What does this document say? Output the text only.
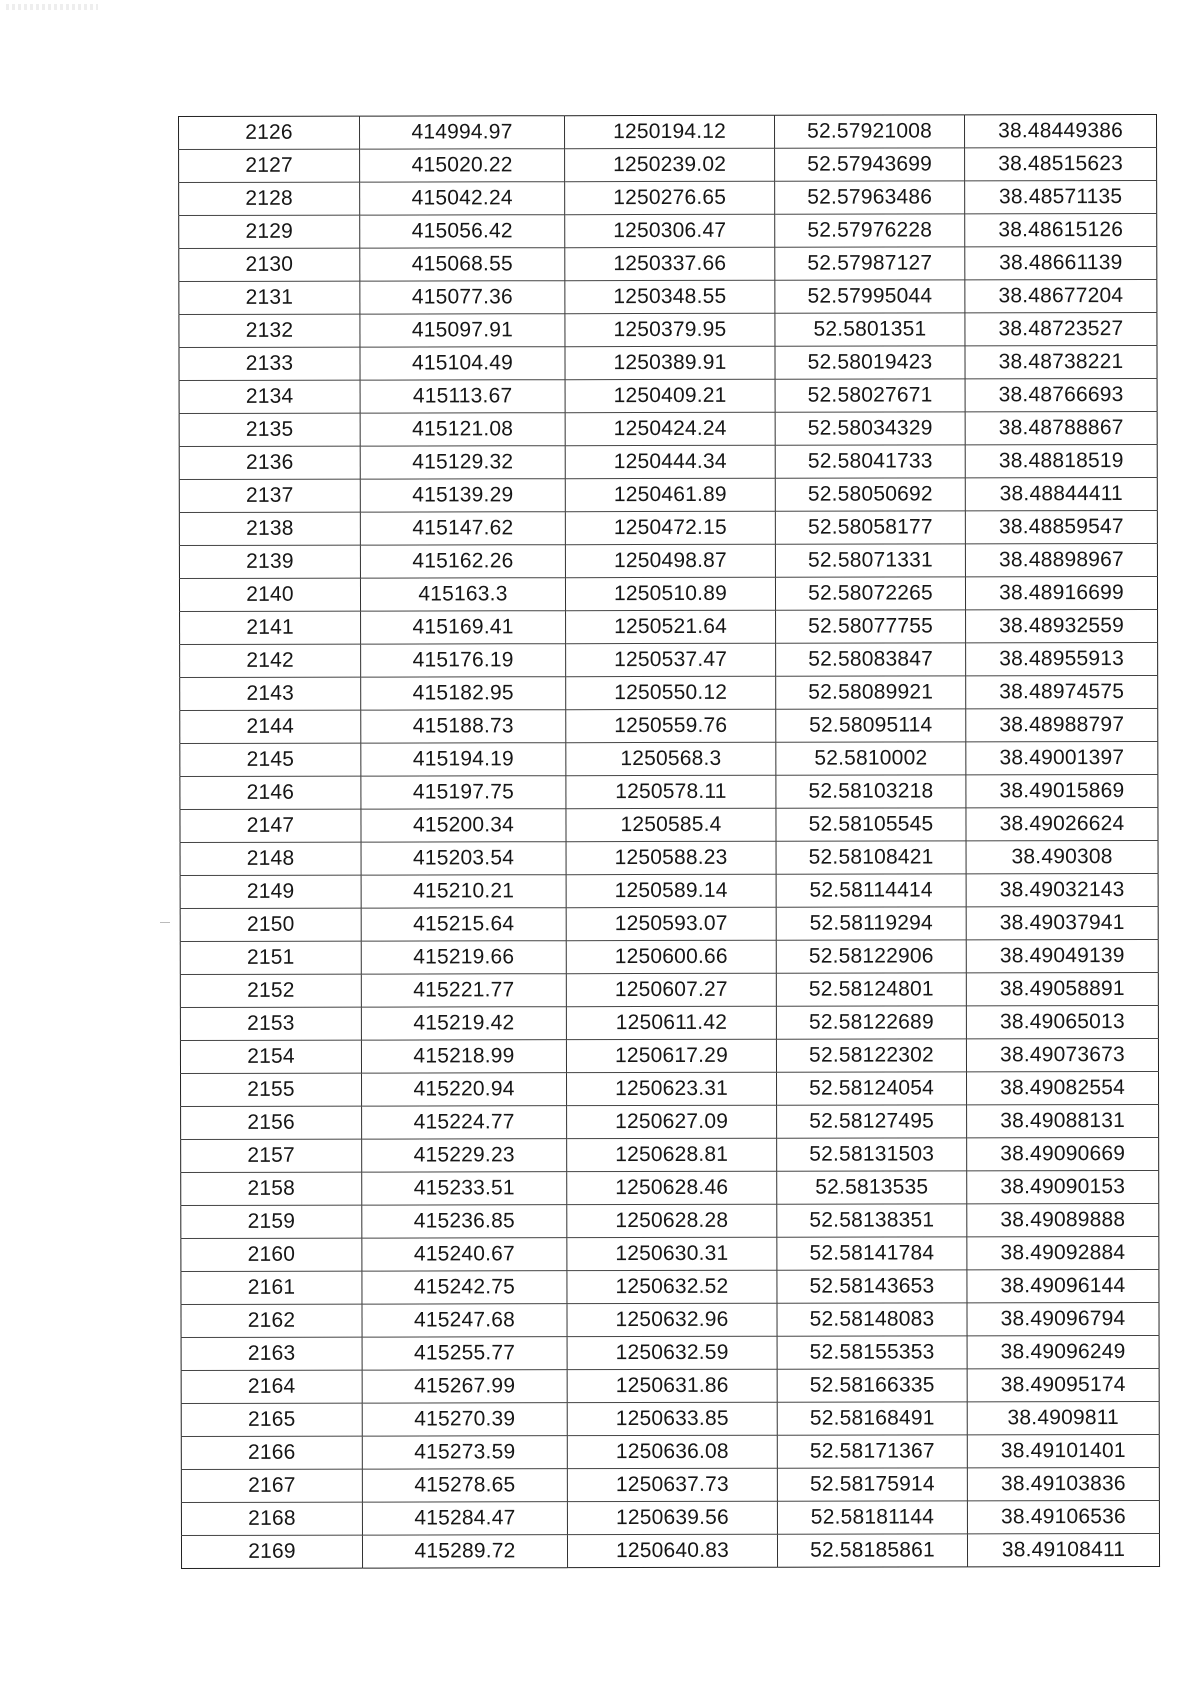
2126	414994.97	1250194.12	52.57921008	38.48449386
2127	415020.22	1250239.02	52.57943699	38.48515623
2128	415042.24	1250276.65	52.57963486	38.48571135
2129	415056.42	1250306.47	52.57976228	38.48615126
2130	415068.55	1250337.66	52.57987127	38.48661139
2131	415077.36	1250348.55	52.57995044	38.48677204
2132	415097.91	1250379.95	52.5801351	38.48723527
2133	415104.49	1250389.91	52.58019423	38.48738221
2134	415113.67	1250409.21	52.58027671	38.48766693
2135	415121.08	1250424.24	52.58034329	38.48788867
2136	415129.32	1250444.34	52.58041733	38.48818519
2137	415139.29	1250461.89	52.58050692	38.48844411
2138	415147.62	1250472.15	52.58058177	38.48859547
2139	415162.26	1250498.87	52.58071331	38.48898967
2140	415163.3	1250510.89	52.58072265	38.48916699
2141	415169.41	1250521.64	52.58077755	38.48932559
2142	415176.19	1250537.47	52.58083847	38.48955913
2143	415182.95	1250550.12	52.58089921	38.48974575
2144	415188.73	1250559.76	52.58095114	38.48988797
2145	415194.19	1250568.3	52.5810002	38.49001397
2146	415197.75	1250578.11	52.58103218	38.49015869
2147	415200.34	1250585.4	52.58105545	38.49026624
2148	415203.54	1250588.23	52.58108421	38.490308
2149	415210.21	1250589.14	52.58114414	38.49032143
2150	415215.64	1250593.07	52.58119294	38.49037941
2151	415219.66	1250600.66	52.58122906	38.49049139
2152	415221.77	1250607.27	52.58124801	38.49058891
2153	415219.42	1250611.42	52.58122689	38.49065013
2154	415218.99	1250617.29	52.58122302	38.49073673
2155	415220.94	1250623.31	52.58124054	38.49082554
2156	415224.77	1250627.09	52.58127495	38.49088131
2157	415229.23	1250628.81	52.58131503	38.49090669
2158	415233.51	1250628.46	52.5813535	38.49090153
2159	415236.85	1250628.28	52.58138351	38.49089888
2160	415240.67	1250630.31	52.58141784	38.49092884
2161	415242.75	1250632.52	52.58143653	38.49096144
2162	415247.68	1250632.96	52.58148083	38.49096794
2163	415255.77	1250632.59	52.58155353	38.49096249
2164	415267.99	1250631.86	52.58166335	38.49095174
2165	415270.39	1250633.85	52.58168491	38.4909811
2166	415273.59	1250636.08	52.58171367	38.49101401
2167	415278.65	1250637.73	52.58175914	38.49103836
2168	415284.47	1250639.56	52.58181144	38.49106536
2169	415289.72	1250640.83	52.58185861	38.49108411
